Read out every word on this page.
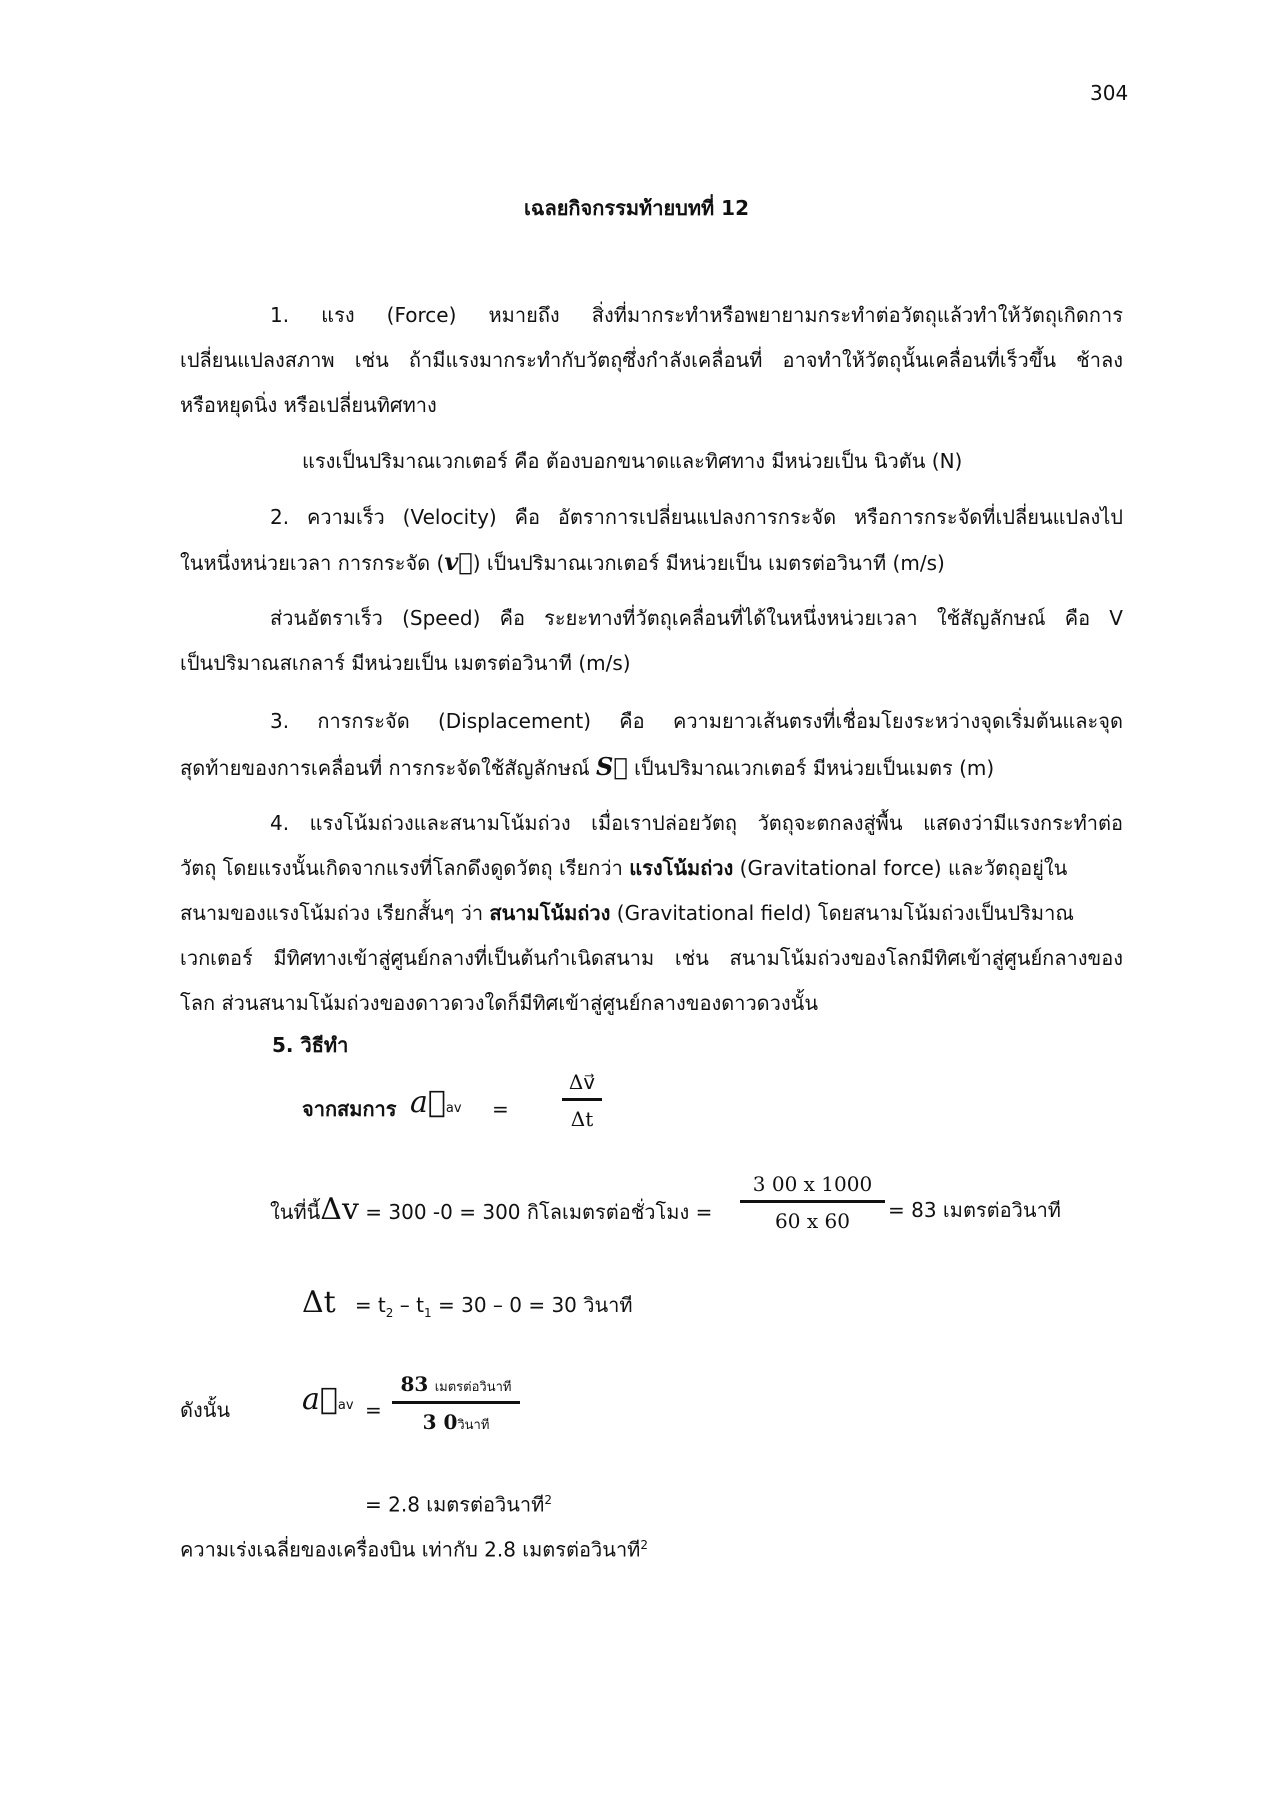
304
เฉลยกิจกรรมท้ายบทที่ 12
1. แรง (Force) หมายถึง สิ่งที่มากระทำหรือพยายามกระทำต่อวัตถุแล้วทำให้วัตถุเกิดการ
เปลี่ยนแปลงสภาพ เช่น ถ้ามีแรงมากระทำกับวัตถุซึ่งกำลังเคลื่อนที่ อาจทำให้วัตถุนั้นเคลื่อนที่เร็วขึ้น ช้าลง
หรือหยุดนิ่ง หรือเปลี่ยนทิศทาง
แรงเป็นปริมาณเวกเตอร์ คือ ต้องบอกขนาดและทิศทาง มีหน่วยเป็น นิวตัน (N)
2. ความเร็ว (Velocity) คือ อัตราการเปลี่ยนแปลงการกระจัด หรือการกระจัดที่เปลี่ยนแปลงไป
ในหนึ่งหน่วยเวลา การกระจัด (v⃗) เป็นปริมาณเวกเตอร์ มีหน่วยเป็น เมตรต่อวินาที (m/s)
ส่วนอัตราเร็ว (Speed) คือ ระยะทางที่วัตถุเคลื่อนที่ได้ในหนึ่งหน่วยเวลา ใช้สัญลักษณ์ คือ V
เป็นปริมาณสเกลาร์ มีหน่วยเป็น เมตรต่อวินาที (m/s)
3. การกระจัด (Displacement) คือ ความยาวเส้นตรงที่เชื่อมโยงระหว่างจุดเริ่มต้นและจุด
สุดท้ายของการเคลื่อนที่ การกระจัดใช้สัญลักษณ์ S⃗ เป็นปริมาณเวกเตอร์ มีหน่วยเป็นเมตร (m)
4. แรงโน้มถ่วงและสนามโน้มถ่วง เมื่อเราปล่อยวัตถุ วัตถุจะตกลงสู่พื้น แสดงว่ามีแรงกระทำต่อ
วัตถุ โดยแรงนั้นเกิดจากแรงที่โลกดึงดูดวัตถุ เรียกว่า แรงโน้มถ่วง (Gravitational force) และวัตถุอยู่ใน
สนามของแรงโน้มถ่วง เรียกสั้นๆ ว่า สนามโน้มถ่วง (Gravitational field) โดยสนามโน้มถ่วงเป็นปริมาณ
เวกเตอร์ มีทิศทางเข้าสู่ศูนย์กลางที่เป็นต้นกำเนิดสนาม เช่น สนามโน้มถ่วงของโลกมีทิศเข้าสู่ศูนย์กลางของ
โลก ส่วนสนามโน้มถ่วงของดาวดวงใดก็มีทิศเข้าสู่ศูนย์กลางของดาวดวงนั้น
5. วิธีทำ
จากสมการ a⃗av =	$\frac{\Delta v⃗}{\Delta t}$
ในที่นี้Δv = 300 -0 = 300 กิโลเมตรต่อชั่วโมง = $\frac{3 00 x 1000}{60 x 60} = 83$ เมตรต่อวินาที
$\Delta t = t_2 - t_1 = 30 - 0 = 30$ วินาที
ดังนั้น a⃗av =
83 เมตรต่อวินาที
3 0วินาที
= 2.8 เมตรต่อวินาที$^2$
ความเร่งเฉลี่ยของเครื่องบิน เท่ากับ 2.8 เมตรต่อวินาที$^2$
